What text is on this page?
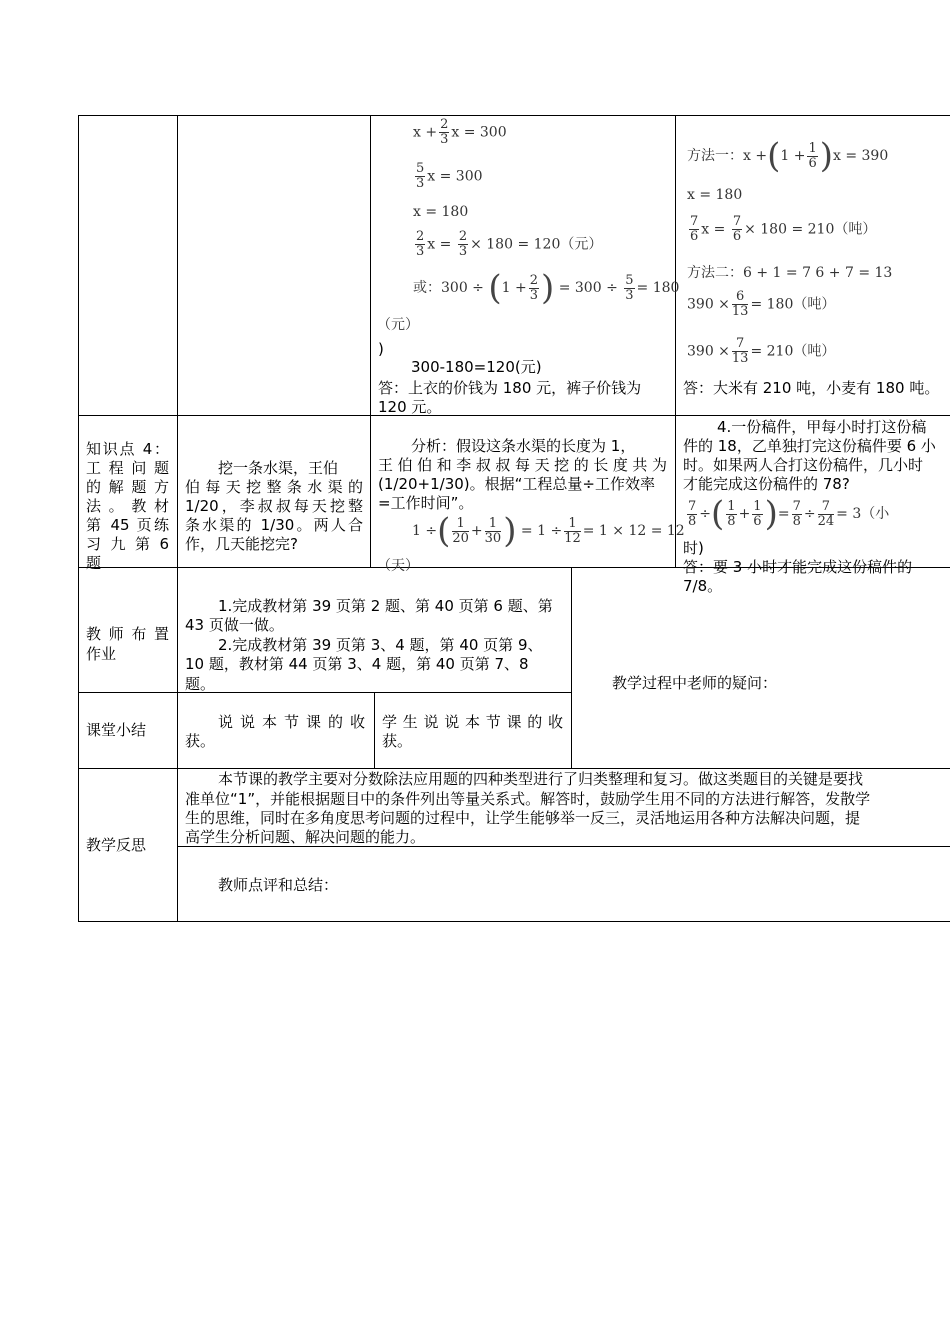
$x + \frac{2}{3}$ x = 300
$\frac{5}{3}$ x = 300
x = 180
$\frac{2}{3}$ $x = \frac{2}{3} \times 180 = 120$（元）
或：$300 \div (1 + \frac{2}{3}$ ) = $300 \div \frac{5}{3} = 180$
（元）
)
300-180=120(元)
答：上衣的价钱为 180 元，裤子价钱为
120 元。
方法一：$x +(1 + \frac{1}{6} )x = 390$
x = 180
$\frac{7}{6}$ $x = \frac{7}{6} \times 180 = 210$（吨）
方法二：6 + 1 = 7 6 + 7 = 13
$390 \times \frac{6}{13} = 180$（吨）
$390 \times \frac{7}{13} = 210$（吨）
答：大米有 210 吨，小麦有 180 吨。
知识点 4：
工 程 问 题
的 解 题 方
法 。 教 材
第 45 页练
习 九 第 6
题
挖一条水渠，王伯
伯每天挖整条水渠的
1/20，李叔叔每天挖整
条水渠的 1/30。两人合
作，几天能挖完?
分析：假设这条水渠的长度为 1，
王伯伯和李叔叔每天挖的长度共为
(1/20+1/30)。根据“工程总量÷工作效率
=工作时间”。
1 ÷( $\frac{1}{20} + \frac{1}{30}$ ) = $1 \div \frac{1}{12} = 1 \times 12 = 12$
（天）
4.一份稿件，甲每小时打这份稿
件的 18，乙单独打完这份稿件要 6 小
时。如果两人合打这份稿件，几小时
才能完成这份稿件的 78?
$\frac{7}{8}$ ÷( $\frac{1}{8} + \frac{1}{6}$ )= $\frac{7}{8} \div \frac{7}{24} = 3$（小
时)
答：要 3 小时才能完成这份稿件的
7/8。
教 师 布 置
作业
1.完成教材第 39 页第 2 题、第 40 页第 6 题、第
43 页做一做。
2.完成教材第 39 页第 3、4 题，第 40 页第 9、
10 题，教材第 44 页第 3、4 题，第 40 页第 7、8
题。	教学过程中老师的疑问：
课堂小结	说 说 本 节 课 的 收
获。
学 生 说 说 本 节 课 的 收
获。
教学反思
本节课的教学主要对分数除法应用题的四种类型进行了归类整理和复习。做这类题目的关键是要找
准单位“1”，并能根据题目中的条件列出等量关系式。解答时，鼓励学生用不同的方法进行解答，发散学
生的思维，同时在多角度思考问题的过程中，让学生能够举一反三，灵活地运用各种方法解决问题，提
高学生分析问题、解决问题的能力。
教师点评和总结：
